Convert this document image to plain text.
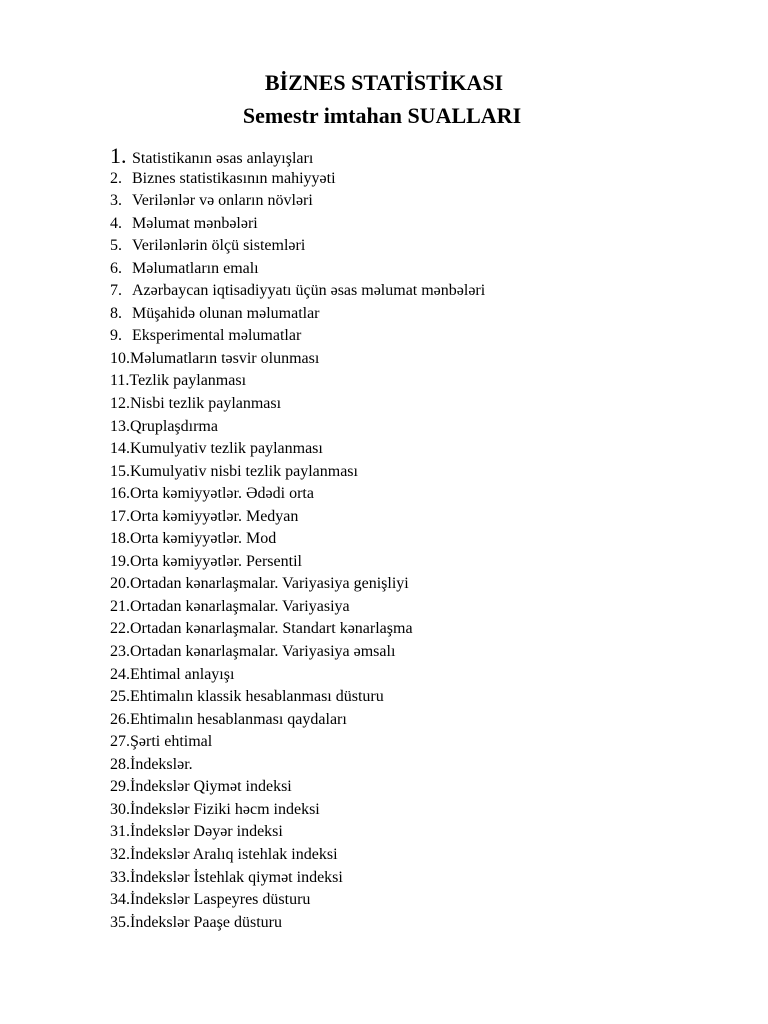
BİZNES STATİSTİKASI
Semestr imtahan SUALLARI
1. Statistikanın əsas anlayışları
2. Biznes statistikasının mahiyyəti
3. Verilənlər və onların növləri
4. Məlumat mənbələri
5. Verilənlərin ölçü sistemləri
6. Məlumatların emalı
7. Azərbaycan iqtisadiyyatı üçün əsas məlumat mənbələri
8. Müşahidə olunan məlumatlar
9. Eksperimental məlumatlar
10. Məlumatların təsvir olunması
11. Tezlik paylanması
12. Nisbi tezlik paylanması
13. Qruplaşdırma
14. Kumulyativ tezlik paylanması
15. Kumulyativ nisbi tezlik paylanması
16. Orta kəmiyyətlər. Ədədi orta
17. Orta kəmiyyətlər. Medyan
18. Orta kəmiyyətlər. Mod
19. Orta kəmiyyətlər. Persentil
20. Ortadan kənarlaşmalar. Variyasiya genişliyi
21. Ortadan kənarlaşmalar. Variyasiya
22. Ortadan kənarlaşmalar. Standart kənarlaşma
23. Ortadan kənarlaşmalar. Variyasiya əmsalı
24. Ehtimal anlayışı
25. Ehtimalın klassik hesablanması düsturu
26. Ehtimalın hesablanması qaydaları
27. Şərti ehtimal
28. İndekslər.
29. İndekslər Qiymət indeksi
30. İndekslər Fiziki həcm indeksi
31. İndekslər Dəyər indeksi
32. İndekslər Aralıq istehlak indeksi
33. İndekslər İstehlak qiymət indeksi
34. İndekslər Laspeyres düsturu
35. İndekslər Paaşe düsturu
